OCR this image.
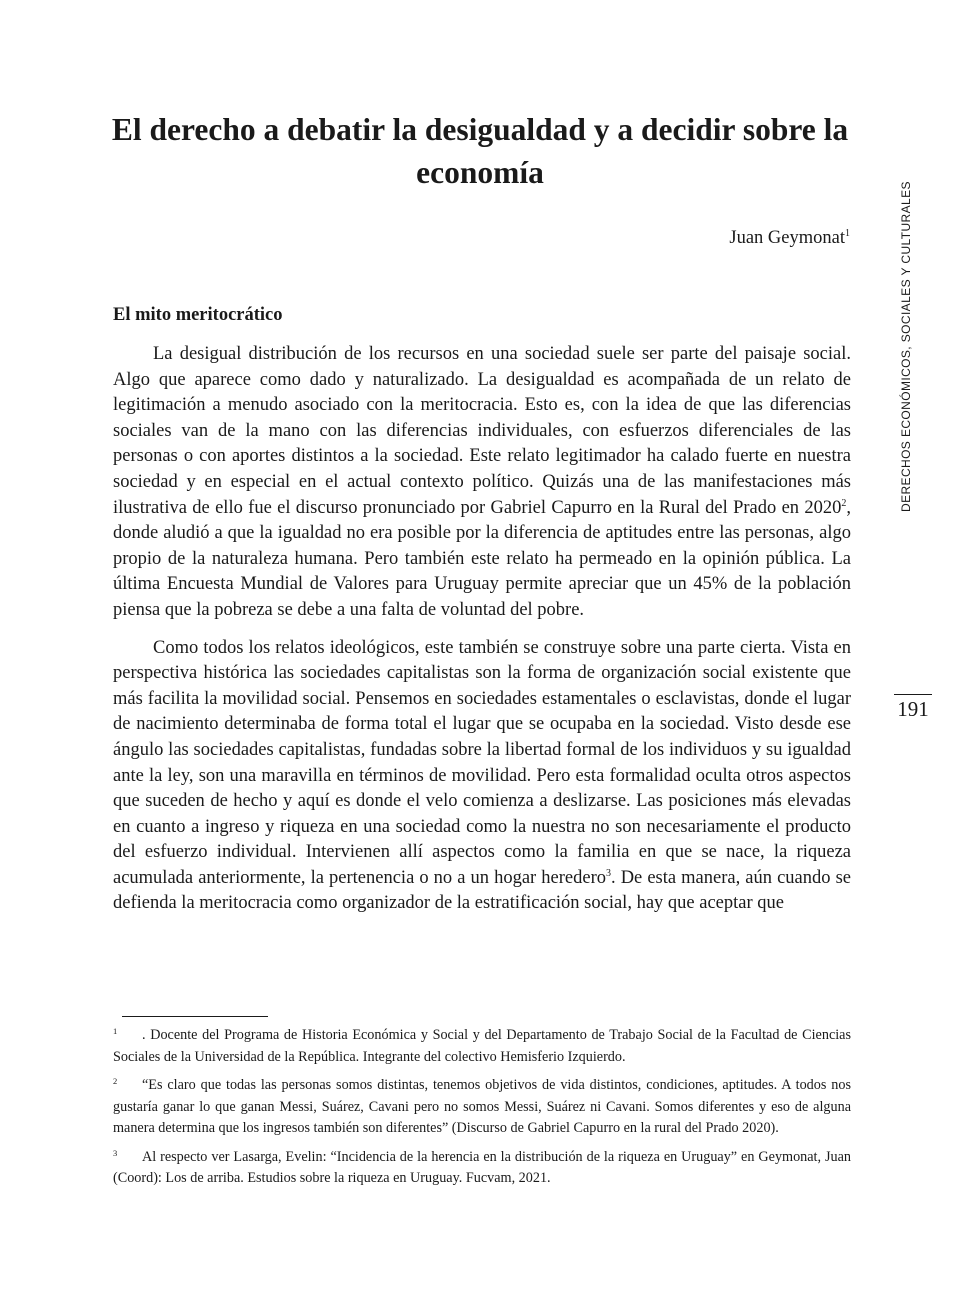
El derecho a debatir la desigualdad y a decidir sobre la economía
Juan Geymonat$^1$
El mito meritocrático

La desigual distribución de los recursos en una sociedad suele ser parte del paisaje social. Algo que aparece como dado y naturalizado. La desigualdad es acompañada de un relato de legitimación a menudo asociado con la meritocracia. Esto es, con la idea de que las diferencias sociales van de la mano con las diferencias individuales, con esfuerzos diferenciales de las personas o con aportes distintos a la sociedad. Este relato legitimador ha calado fuerte en nuestra sociedad y en especial en el actual contexto político. Quizás una de las manifestaciones más ilustrativa de ello fue el discurso pronunciado por Gabriel Capurro en la Rural del Prado en 2020$^2$, donde aludió a que la igualdad no era posible por la diferencia de aptitudes entre las personas, algo propio de la naturaleza humana. Pero también este relato ha permeado en la opinión pública. La última Encuesta Mundial de Valores para Uruguay permite apreciar que un 45% de la población piensa que la pobreza se debe a una falta de voluntad del pobre.

Como todos los relatos ideológicos, este también se construye sobre una parte cierta. Vista en perspectiva histórica las sociedades capitalistas son la forma de organización social existente que más facilita la movilidad social. Pensemos en sociedades estamentales o esclavistas, donde el lugar de nacimiento determinaba de forma total el lugar que se ocupaba en la sociedad. Visto desde ese ángulo las sociedades capitalistas, fundadas sobre la libertad formal de los individuos y su igualdad ante la ley, son una maravilla en términos de movilidad. Pero esta formalidad oculta otros aspectos que suceden de hecho y aquí es donde el velo comienza a deslizarse. Las posiciones más elevadas en cuanto a ingreso y riqueza en una sociedad como la nuestra no son necesariamente el producto del esfuerzo individual. Intervienen allí aspectos como la familia en que se nace, la riqueza acumulada anteriormente, la pertenencia o no a un hogar heredero$^3$. De esta manera, aún cuando se defienda la meritocracia como organizador de la estratificación social, hay que aceptar que

1 . Docente del Programa de Historia Económica y Social y del Departamento de Trabajo Social de la Facultad de Ciencias Sociales de la Universidad de la República. Integrante del colectivo Hemisferio Izquierdo.

2 “Es claro que todas las personas somos distintas, tenemos objetivos de vida distintos, condiciones, aptitudes. A todos nos gustaría ganar lo que ganan Messi, Suárez, Cavani pero no somos Messi, Suárez ni Cavani. Somos diferentes y eso de alguna manera determina que los ingresos también son diferentes” (Discurso de Gabriel Capurro en la rural del Prado 2020).

3 Al respecto ver Lasarga, Evelin: “Incidencia de la herencia en la distribución de la riqueza en Uruguay” en Geymonat, Juan (Coord): Los de arriba. Estudios sobre la riqueza en Uruguay. Fucvam, 2021.

DERECHOS ECONÓMICOS, SOCIALES Y CULTURALES
191
